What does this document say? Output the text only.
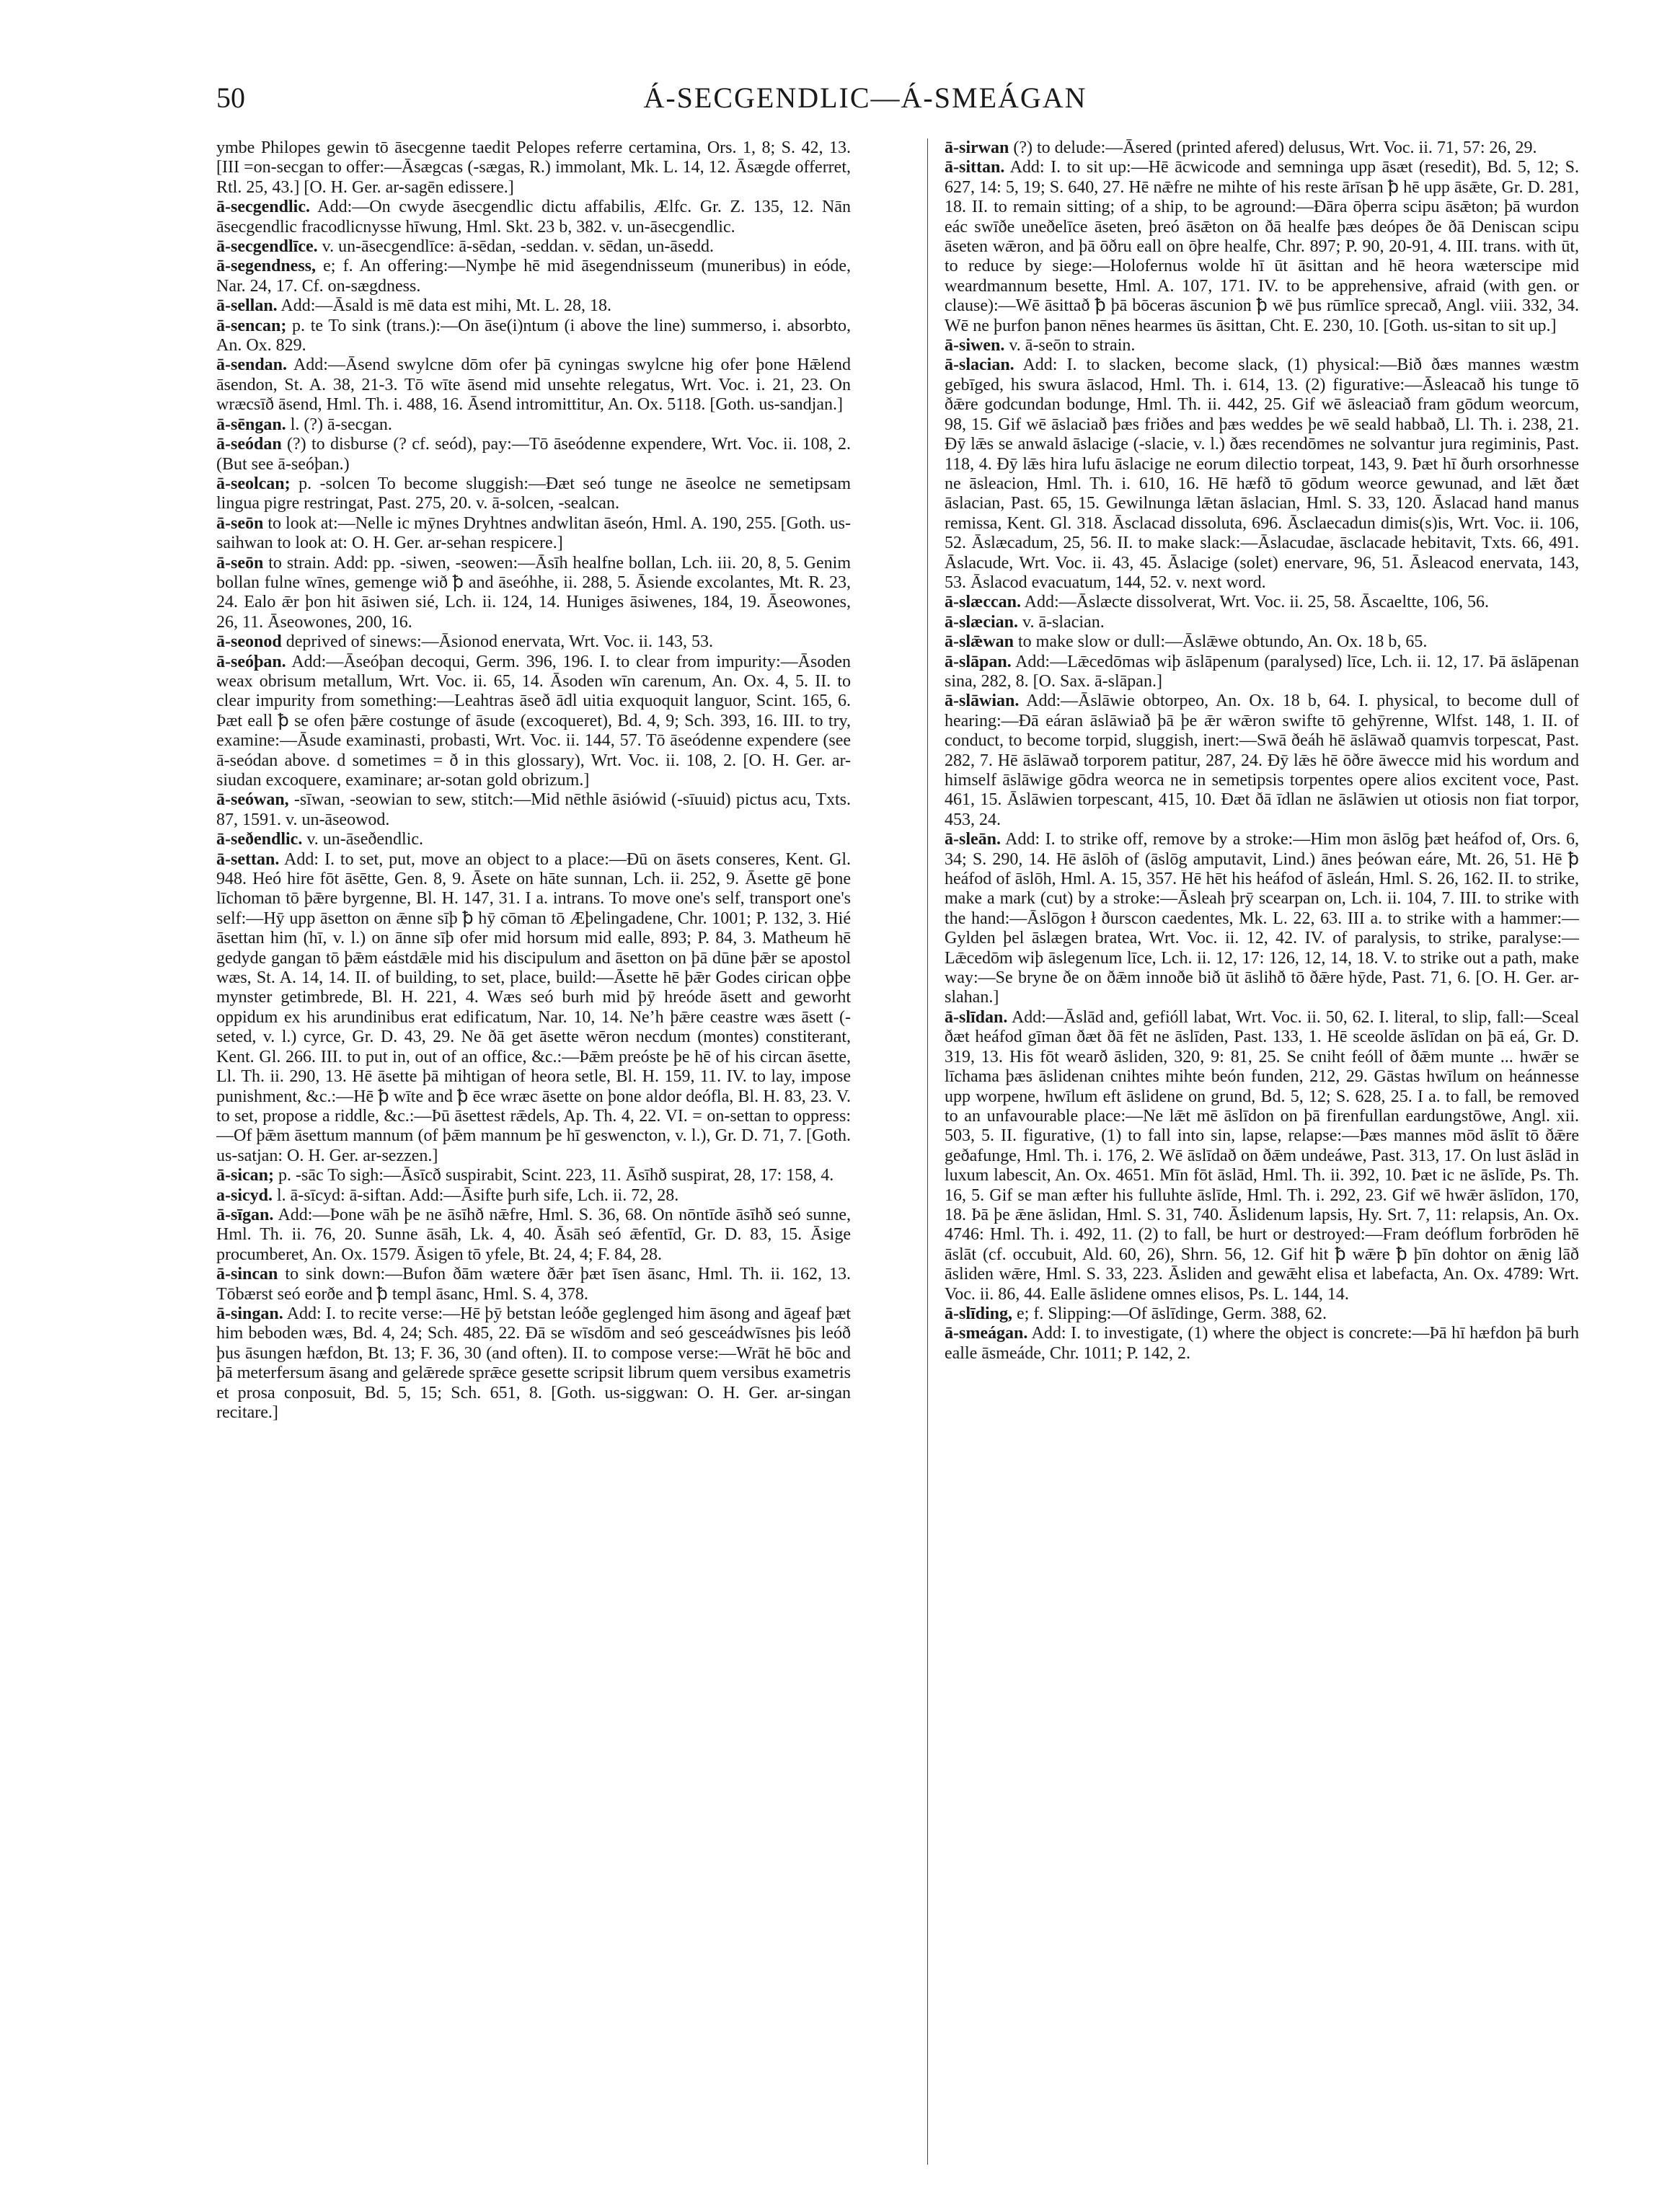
50	Á-SECGENDLIC—Á-SMEÁGAN

ymbe Philopes gewin tō āsecgenne taedit Pelopes referre certamina, Ors. 1, 8; S. 42, 13. [III =on-secgan to offer:—Āsægcas (-sægas, R.) immolant, Mk. L. 14, 12. Āsægde offerret, Rtl. 25, 43.] [O. H. Ger. ar-sagēn edissere.]

ā-secgendlic. Add:—On cwyde āsecgendlic dictu affabilis, Ælfc. Gr. Z. 135, 12. Nān āsecgendlic fracodlicnysse hīwung, Hml. Skt. 23 b, 382. v. un-āsecgendlic.

ā-secgendlīce. v. un-āsecgendlīce: ā-sēdan, -seddan. v. sēdan, un-āsedd.

ā-segendness, e; f. An offering:—Nymþe hē mid āsegendnisseum (muneribus) in eóde, Nar. 24, 17. Cf. on-sægdness.

ā-sellan. Add:—Āsald is mē data est mihi, Mt. L. 28, 18.

ā-sencan; p. te To sink (trans.):—On āse(i)ntum (i above the line) summerso, i. absorbto, An. Ox. 829.

ā-sendan. Add:—Āsend swylcne dōm ofer þā cyningas swylcne hig ofer þone Hǣlend āsendon, St. A. 38, 21-3. Tō wīte āsend mid unsehte relegatus, Wrt. Voc. i. 21, 23. On wræcsīð āsend, Hml. Th. i. 488, 16. Āsend intromittitur, An. Ox. 5118. [Goth. us-sandjan.]

ā-sēngan. l. (?) ā-secgan.

ā-seódan (?) to disburse (? cf. seód), pay:—Tō āseódenne expendere, Wrt. Voc. ii. 108, 2. (But see ā-seóþan.)

ā-seolcan; p. -solcen To become sluggish:—Ðæt seó tunge ne āseolce ne semetipsam lingua pigre restringat, Past. 275, 20. v. ā-solcen, -sealcan.

ā-seōn to look at:—Nelle ic mȳnes Dryhtnes andwlitan āseón, Hml. A. 190, 255. [Goth. us-saihwan to look at: O. H. Ger. ar-sehan respicere.]

ā-seōn to strain. Add: pp. -siwen, -seowen:—Āsīh healfne bollan, Lch. iii. 20, 8, 5. Genim bollan fulne wīnes, gemenge wið ꝥ and āseóhhe, ii. 288, 5. Āsiende excolantes, Mt. R. 23, 24. Ealo ǣr þon hit āsiwen sié, Lch. ii. 124, 14. Huniges āsiwenes, 184, 19. Āseowones, 26, 11. Āseowones, 200, 16.

ā-seonod deprived of sinews:—Āsionod enervata, Wrt. Voc. ii. 143, 53.

ā-seóþan. Add:—Āseóþan decoqui, Germ. 396, 196. I. to clear from impurity:—Āsoden weax obrisum metallum, Wrt. Voc. ii. 65, 14. Āsoden wīn carenum, An. Ox. 4, 5. II. to clear impurity from something:—Leahtras āseð ādl uitia exquoquit languor, Scint. 165, 6. Þæt eall ꝥ se ofen þǣre costunge of āsude (excoqueret), Bd. 4, 9; Sch. 393, 16. III. to try, examine:—Āsude examinasti, probasti, Wrt. Voc. ii. 144, 57. Tō āseódenne expendere (see ā-seódan above. d sometimes = ð in this glossary), Wrt. Voc. ii. 108, 2. [O. H. Ger. ar-siudan excoquere, examinare; ar-sotan gold obrizum.]

ā-seówan, -sīwan, -seowian to sew, stitch:—Mid nēthle āsiówid (-sīuuid) pictus acu, Txts. 87, 1591. v. un-āseowod.

ā-seðendlic. v. un-āseðendlic.

ā-settan. Add: I. to set, put, move an object to a place:—Ðū on āsets conseres, Kent. Gl. 948. Heó hire fōt āsētte, Gen. 8, 9. Āsete on hāte sunnan, Lch. ii. 252, 9. Āsette gē þone līchoman tō þǣre byrgenne, Bl. H. 147, 31. I a. intrans. To move one's self, transport one's self:—Hȳ upp āsetton on ǣnne sīþ ꝥ hȳ cōman tō Æþelingadene, Chr. 1001; P. 132, 3. Hié āsettan him (hī, v. l.) on ānne sīþ ofer mid horsum mid ealle, 893; P. 84, 3. Matheum hē gedyde gangan tō þǣm eástdǣle mid his discipulum and āsetton on þā dūne þǣr se apostol wæs, St. A. 14, 14. II. of building, to set, place, build:—Āsette hē þǣr Godes cirican oþþe mynster getimbrede, Bl. H. 221, 4. Wæs seó burh mid þȳ hreóde āsett and geworht oppidum ex his arundinibus erat edificatum, Nar. 10, 14. Neʼh þǣre ceastre wæs āsett (-seted, v. l.) cyrce, Gr. D. 43, 29. Ne ðā get āsette wēron necdum (montes) constiterant, Kent. Gl. 266. III. to put in, out of an office, &c.:—Þǣm preóste þe hē of his circan āsette, Ll. Th. ii. 290, 13. Hē āsette þā mihtigan of heora setle, Bl. H. 159, 11. IV. to lay, impose punishment, &c.:—Hē ꝥ wīte and ꝥ ēce wræc āsette on þone aldor deófla, Bl. H. 83, 23. V. to set, propose a riddle, &c.:—Þū āsettest rǣdels, Ap. Th. 4, 22. VI. = on-settan to oppress:—Of þǣm āsettum mannum (of þǣm mannum þe hī geswencton, v. l.), Gr. D. 71, 7. [Goth. us-satjan: O. H. Ger. ar-sezzen.]

ā-sican; p. -sāc To sigh:—Āsīcð suspirabit, Scint. 223, 11. Āsīhð suspirat, 28, 17: 158, 4.

a-sicyd. l. ā-sīcyd: ā-siftan. Add:—Āsifte þurh sife, Lch. ii. 72, 28.

ā-sīgan. Add:—Þone wāh þe ne āsīhð nǣfre, Hml. S. 36, 68. On nōntīde āsīhð seó sunne, Hml. Th. ii. 76, 20. Sunne āsāh, Lk. 4, 40. Āsāh seó ǣfentīd, Gr. D. 83, 15. Āsige procumberet, An. Ox. 1579. Āsigen tō yfele, Bt. 24, 4; F. 84, 28.

ā-sincan to sink down:—Bufon ðām wætere ðǣr þæt īsen āsanc, Hml. Th. ii. 162, 13. Tōbærst seó eorðe and ꝥ templ āsanc, Hml. S. 4, 378.

ā-singan. Add: I. to recite verse:—Hē þȳ betstan leóðe geglenged him āsong and āgeaf þæt him beboden wæs, Bd. 4, 24; Sch. 485, 22. Ðā se wīsdōm and seó gesceádwīsnes þis leóð þus āsungen hæfdon, Bt. 13; F. 36, 30 (and often). II. to compose verse:—Wrāt hē bōc and þā meterfersum āsang and gelǣrede sprǣce gesette scripsit librum quem versibus exametris et prosa conposuit, Bd. 5, 15; Sch. 651, 8. [Goth. us-siggwan: O. H. Ger. ar-singan recitare.]

ā-sirwan (?) to delude:—Āsered (printed afered) delusus, Wrt. Voc. ii. 71, 57: 26, 29.

ā-sittan. Add: I. to sit up:—Hē ācwicode and semninga upp āsæt (resedit), Bd. 5, 12; S. 627, 14: 5, 19; S. 640, 27. Hē nǣfre ne mihte of his reste ārīsan ꝥ hē upp āsǣte, Gr. D. 281, 18. II. to remain sitting; of a ship, to be aground:—Ðāra ōþerra scipu āsǣton; þā wurdon eác swīðe uneðelīce āseten, þreó āsǣton on ðā healfe þæs deópes ðe ðā Deniscan scipu āseten wǣron, and þā ōðru eall on ōþre healfe, Chr. 897; P. 90, 20-91, 4. III. trans. with ūt, to reduce by siege:—Holofernus wolde hī ūt āsittan and hē heora wæterscipe mid weardmannum besette, Hml. A. 107, 171. IV. to be apprehensive, afraid (with gen. or clause):—Wē āsittað ꝥ þā bōceras āscunion ꝥ wē þus rūmlīce sprecað, Angl. viii. 332, 34. Wē ne þurfon þanon nēnes hearmes ūs āsittan, Cht. E. 230, 10. [Goth. us-sitan to sit up.]

ā-siwen. v. ā-seōn to strain.

ā-slacian. Add: I. to slacken, become slack, (1) physical:—Bið ðæs mannes wæstm gebīged, his swura āslacod, Hml. Th. i. 614, 13. (2) figurative:—Āsleacað his tunge tō ðǣre godcundan bodunge, Hml. Th. ii. 442, 25. Gif wē āsleaciað fram gōdum weorcum, 98, 15. Gif wē āslaciað þæs friðes and þæs weddes þe wē seald habbað, Ll. Th. i. 238, 21. Ðȳ lǣs se anwald āslacige (-slacie, v. l.) ðæs recendōmes ne solvantur jura regiminis, Past. 118, 4. Ðȳ lǣs hira lufu āslacige ne eorum dilectio torpeat, 143, 9. Þæt hī ðurh orsorhnesse ne āsleacion, Hml. Th. i. 610, 16. Hē hæfð tō gōdum weorce gewunad, and lǣt ðæt āslacian, Past. 65, 15. Gewilnunga lǣtan āslacian, Hml. S. 33, 120. Āslacad hand manus remissa, Kent. Gl. 318. Āsclacad dissoluta, 696. Āsclaecadun dimis(s)is, Wrt. Voc. ii. 106, 52. Āslæcadum, 25, 56. II. to make slack:—Āslacudae, āsclacade hebitavit, Txts. 66, 491. Āslacude, Wrt. Voc. ii. 43, 45. Āslacige (solet) enervare, 96, 51. Āsleacod enervata, 143, 53. Āslacod evacuatum, 144, 52. v. next word.

ā-slæccan. Add:—Āslæcte dissolverat, Wrt. Voc. ii. 25, 58. Āscaeltte, 106, 56.

ā-slæcian. v. ā-slacian.

ā-slǣwan to make slow or dull:—Āslǣwe obtundo, An. Ox. 18 b, 65.

ā-slāpan. Add:—Lǣcedōmas wiþ āslāpenum (paralysed) līce, Lch. ii. 12, 17. Þā āslāpenan sina, 282, 8. [O. Sax. ā-slāpan.]

ā-slāwian. Add:—Āslāwie obtorpeo, An. Ox. 18 b, 64. I. physical, to become dull of hearing:—Ðā eáran āslāwiað þā þe ǣr wǣron swifte tō gehȳrenne, Wlfst. 148, 1. II. of conduct, to become torpid, sluggish, inert:—Swā ðeáh hē āslāwað quamvis torpescat, Past. 282, 7. Hē āslāwað torporem patitur, 287, 24. Ðȳ lǣs hē ōðre āwecce mid his wordum and himself āslāwige gōdra weorca ne in semetipsis torpentes opere alios excitent voce, Past. 461, 15. Āslāwien torpescant, 415, 10. Ðæt ðā īdlan ne āslāwien ut otiosis non fiat torpor, 453, 24.

ā-sleān. Add: I. to strike off, remove by a stroke:—Him mon āslōg þæt heáfod of, Ors. 6, 34; S. 290, 14. Hē āslōh of (āslōg amputavit, Lind.) ānes þeówan eáre, Mt. 26, 51. Hē ꝥ heáfod of āslōh, Hml. A. 15, 357. Hē hēt his heáfod of āsleán, Hml. S. 26, 162. II. to strike, make a mark (cut) by a stroke:—Āsleah þrȳ scearpan on, Lch. ii. 104, 7. III. to strike with the hand:—Āslōgon ł ðurscon caedentes, Mk. L. 22, 63. III a. to strike with a hammer:—Gylden þel āslægen bratea, Wrt. Voc. ii. 12, 42. IV. of paralysis, to strike, paralyse:—Lǣcedōm wiþ āslegenum līce, Lch. ii. 12, 17: 126, 12, 14, 18. V. to strike out a path, make way:—Se bryne ðe on ðǣm innoðe bið ūt āslihð tō ðǣre hȳde, Past. 71, 6. [O. H. Ger. ar-slahan.]

ā-slīdan. Add:—Āslād and, gefióll labat, Wrt. Voc. ii. 50, 62. I. literal, to slip, fall:—Sceal ðæt heáfod gīman ðæt ðā fēt ne āslīden, Past. 133, 1. Hē sceolde āslīdan on þā eá, Gr. D. 319, 13. His fōt wearð āsliden, 320, 9: 81, 25. Se cniht feóll of ðǣm munte ... hwǣr se līchama þæs āslidenan cnihtes mihte beón funden, 212, 29. Gāstas hwīlum on heánnesse upp worpene, hwīlum eft āslidene on grund, Bd. 5, 12; S. 628, 25. I a. to fall, be removed to an unfavourable place:—Ne lǣt mē āslīdon on þā firenfullan eardungstōwe, Angl. xii. 503, 5. II. figurative, (1) to fall into sin, lapse, relapse:—Þæs mannes mōd āslīt tō ðǣre geðafunge, Hml. Th. i. 176, 2. Wē āslīdað on ðǣm undeáwe, Past. 313, 17. On lust āslād in luxum labescit, An. Ox. 4651. Mīn fōt āslād, Hml. Th. ii. 392, 10. Þæt ic ne āslīde, Ps. Th. 16, 5. Gif se man æfter his fulluhte āslīde, Hml. Th. i. 292, 23. Gif wē hwǣr āslīdon, 170, 18. Þā þe ǣne āslidan, Hml. S. 31, 740. Āslidenum lapsis, Hy. Srt. 7, 11: relapsis, An. Ox. 4746: Hml. Th. i. 492, 11. (2) to fall, be hurt or destroyed:—Fram deóflum forbrōden hē āslāt (cf. occubuit, Ald. 60, 26), Shrn. 56, 12. Gif hit ꝥ wǣre ꝥ þīn dohtor on ǣnig lāð āsliden wǣre, Hml. S. 33, 223. Āsliden and gewǣht elisa et labefacta, An. Ox. 4789: Wrt. Voc. ii. 86, 44. Ealle āslidene omnes elisos, Ps. L. 144, 14.

ā-slīding, e; f. Slipping:—Of āslīdinge, Germ. 388, 62.

ā-smeágan. Add: I. to investigate, (1) where the object is concrete:—Þā hī hæfdon þā burh ealle āsmeáde, Chr. 1011; P. 142, 2.
